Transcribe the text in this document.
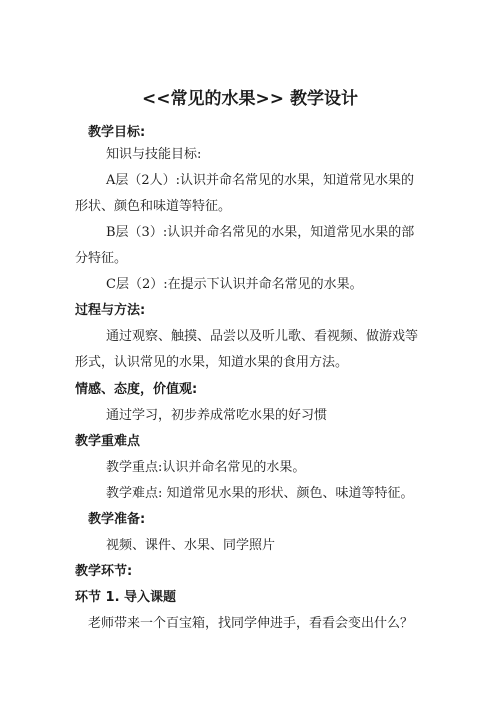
<<常见的水果>> 教学设计
教学目标:
知识与技能目标:
A层（2人）:认识并命名常见的水果，知道常见水果的
形状、颜色和味道等特征。
B层（3）:认识并命名常见的水果，知道常见水果的部
分特征。
C层（2）:在提示下认识并命名常见的水果。
过程与方法:
通过观察、触摸、品尝以及听儿歌、看视频、做游戏等
形式，认识常见的水果，知道水果的食用方法。
情感、态度，价值观:
通过学习，初步养成常吃水果的好习惯
教学重难点
教学重点:认识并命名常见的水果。
教学难点: 知道常见水果的形状、颜色、味道等特征。
教学准备:
视频、课件、水果、同学照片
教学环节:
环节 1. 导入课题
老师带来一个百宝箱，找同学伸进手，看看会变出什么？
